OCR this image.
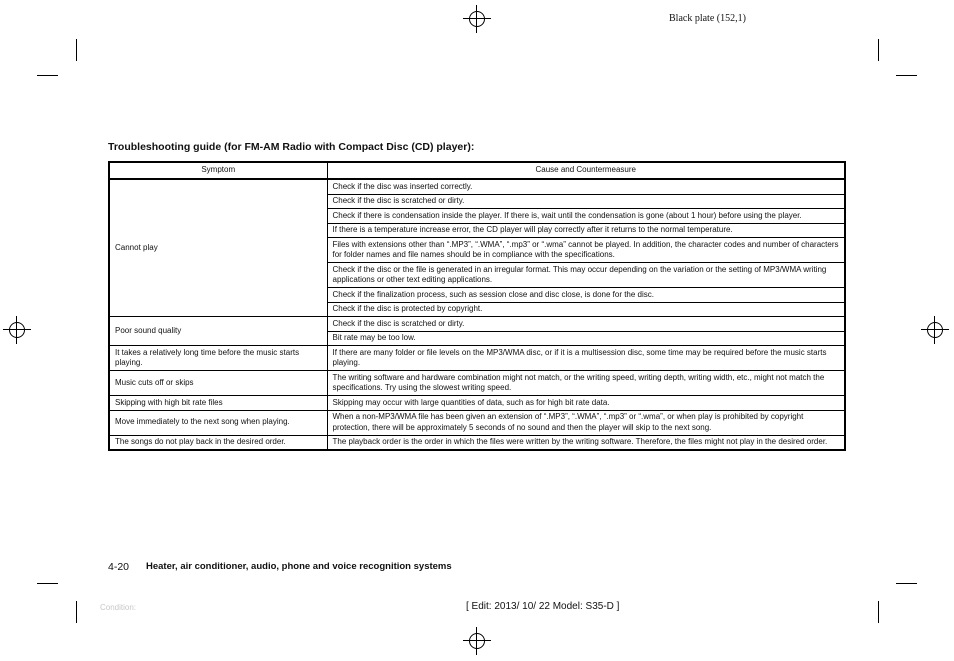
Black plate (152,1)
Troubleshooting guide (for FM-AM Radio with Compact Disc (CD) player):
Symptom	Cause and Countermeasure
Cannot play	Check if the disc was inserted correctly.
	Check if the disc is scratched or dirty.
	Check if there is condensation inside the player. If there is, wait until the condensation is gone (about 1 hour) before using the player.
	If there is a temperature increase error, the CD player will play correctly after it returns to the normal temperature.
	Files with extensions other than “.MP3”, “.WMA”, “.mp3” or “.wma” cannot be played. In addition, the character codes and number of characters for folder names and file names should be in compliance with the specifications.
	Check if the disc or the file is generated in an irregular format. This may occur depending on the variation or the setting of MP3/WMA writing applications or other text editing applications.
	Check if the finalization process, such as session close and disc close, is done for the disc.
	Check if the disc is protected by copyright.
Poor sound quality	Check if the disc is scratched or dirty.
	Bit rate may be too low.
It takes a relatively long time before the music starts playing.	If there are many folder or file levels on the MP3/WMA disc, or if it is a multisession disc, some time may be required before the music starts playing.
Music cuts off or skips	The writing software and hardware combination might not match, or the writing speed, writing depth, writing width, etc., might not match the specifications. Try using the slowest writing speed.
Skipping with high bit rate files	Skipping may occur with large quantities of data, such as for high bit rate data.
Move immediately to the next song when playing.	When a non-MP3/WMA file has been given an extension of “.MP3”, “.WMA”, “.mp3” or “.wma”, or when play is prohibited by copyright protection, there will be approximately 5 seconds of no sound and then the player will skip to the next song.
The songs do not play back in the desired order.	The playback order is the order in which the files were written by the writing software. Therefore, the files might not play in the desired order.
4-20 Heater, air conditioner, audio, phone and voice recognition systems
Condition:	[ Edit: 2013/ 10/ 22 Model: S35-D ]
